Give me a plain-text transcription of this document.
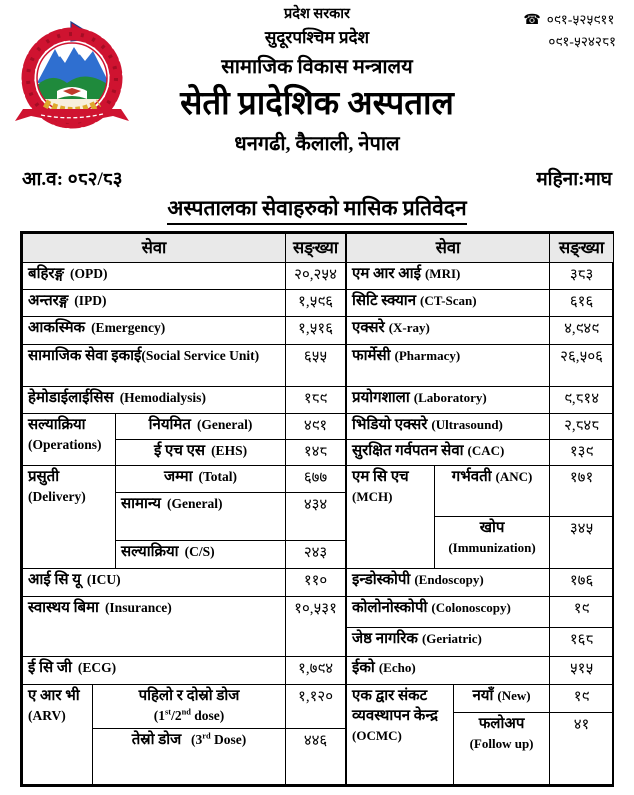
☎ ०९१-५२५९११
०९१-५२४२८१
प्रदेश सरकार
सुदूरपश्चिम प्रदेश
सामाजिक विकास मन्त्रालय
सेती प्रादेशिक अस्पताल
धनगढी, कैलाली, नेपाल
आ.व: ०८२/८३	महिना:माघ
अस्पतालका सेवाहरुको मासिक प्रतिवेदन
सेवा			सङ्ख्या
बहिरङ्ग (OPD)			२०,२५४
अन्तरङ्ग (IPD)			१,५९६
आकस्मिक (Emergency)			१,५१६
सामाजिक सेवा इकाई(Social Service Unit)			६५५
हेमोडाईलाईसिस (Hemodialysis)			१८९
सल्याक्रिया
(Operations)		नियमित (General)	४९१
		ई एच एस (EHS)	१४८
प्रसुती
(Delivery)		जम्मा (Total)	६७७
		सामान्य (General)	४३४
		सल्याक्रिया (C/S)	२४३
आई सि यू (ICU)			११०
स्वास्थय बिमा (Insurance)			१०,५३१
ई सि जी (ECG)			१,७९४
ए आर भी
(ARV)	पहिलो र दोस्रो डोज
(1st/2nd dose)		१,१२०
	तेस्रो डोज (3rd Dose)		४४६
सेवा			सङ्ख्या
एम आर आई (MRI)			३८३
सिटि स्क्यान (CT-Scan)			६१६
एक्सरे (X-ray)			४,९४९
फार्मेसी (Pharmacy)			२६,५०६
प्रयोगशाला (Laboratory)			९,८१४
भिडियो एक्सरे (Ultrasound)			२,८४८
सुरक्षित गर्वपतन सेवा (CAC)			१३९
एम सि एच
(MCH)	गर्भवती (ANC)		१७१
	खोप
(Immunization)		३४५
इन्डोस्कोपी (Endoscopy)			१७६
कोलोनोस्कोपी (Colonoscopy)			१९
जेष्ठ नागरिक (Geriatric)			१६८
ईको (Echo)			५१५
एक द्वार संकट व्यवस्थापन केन्द्र
(OCMC)		नयाँ (New)	१९
		फलोअप
(Follow up)	४१
